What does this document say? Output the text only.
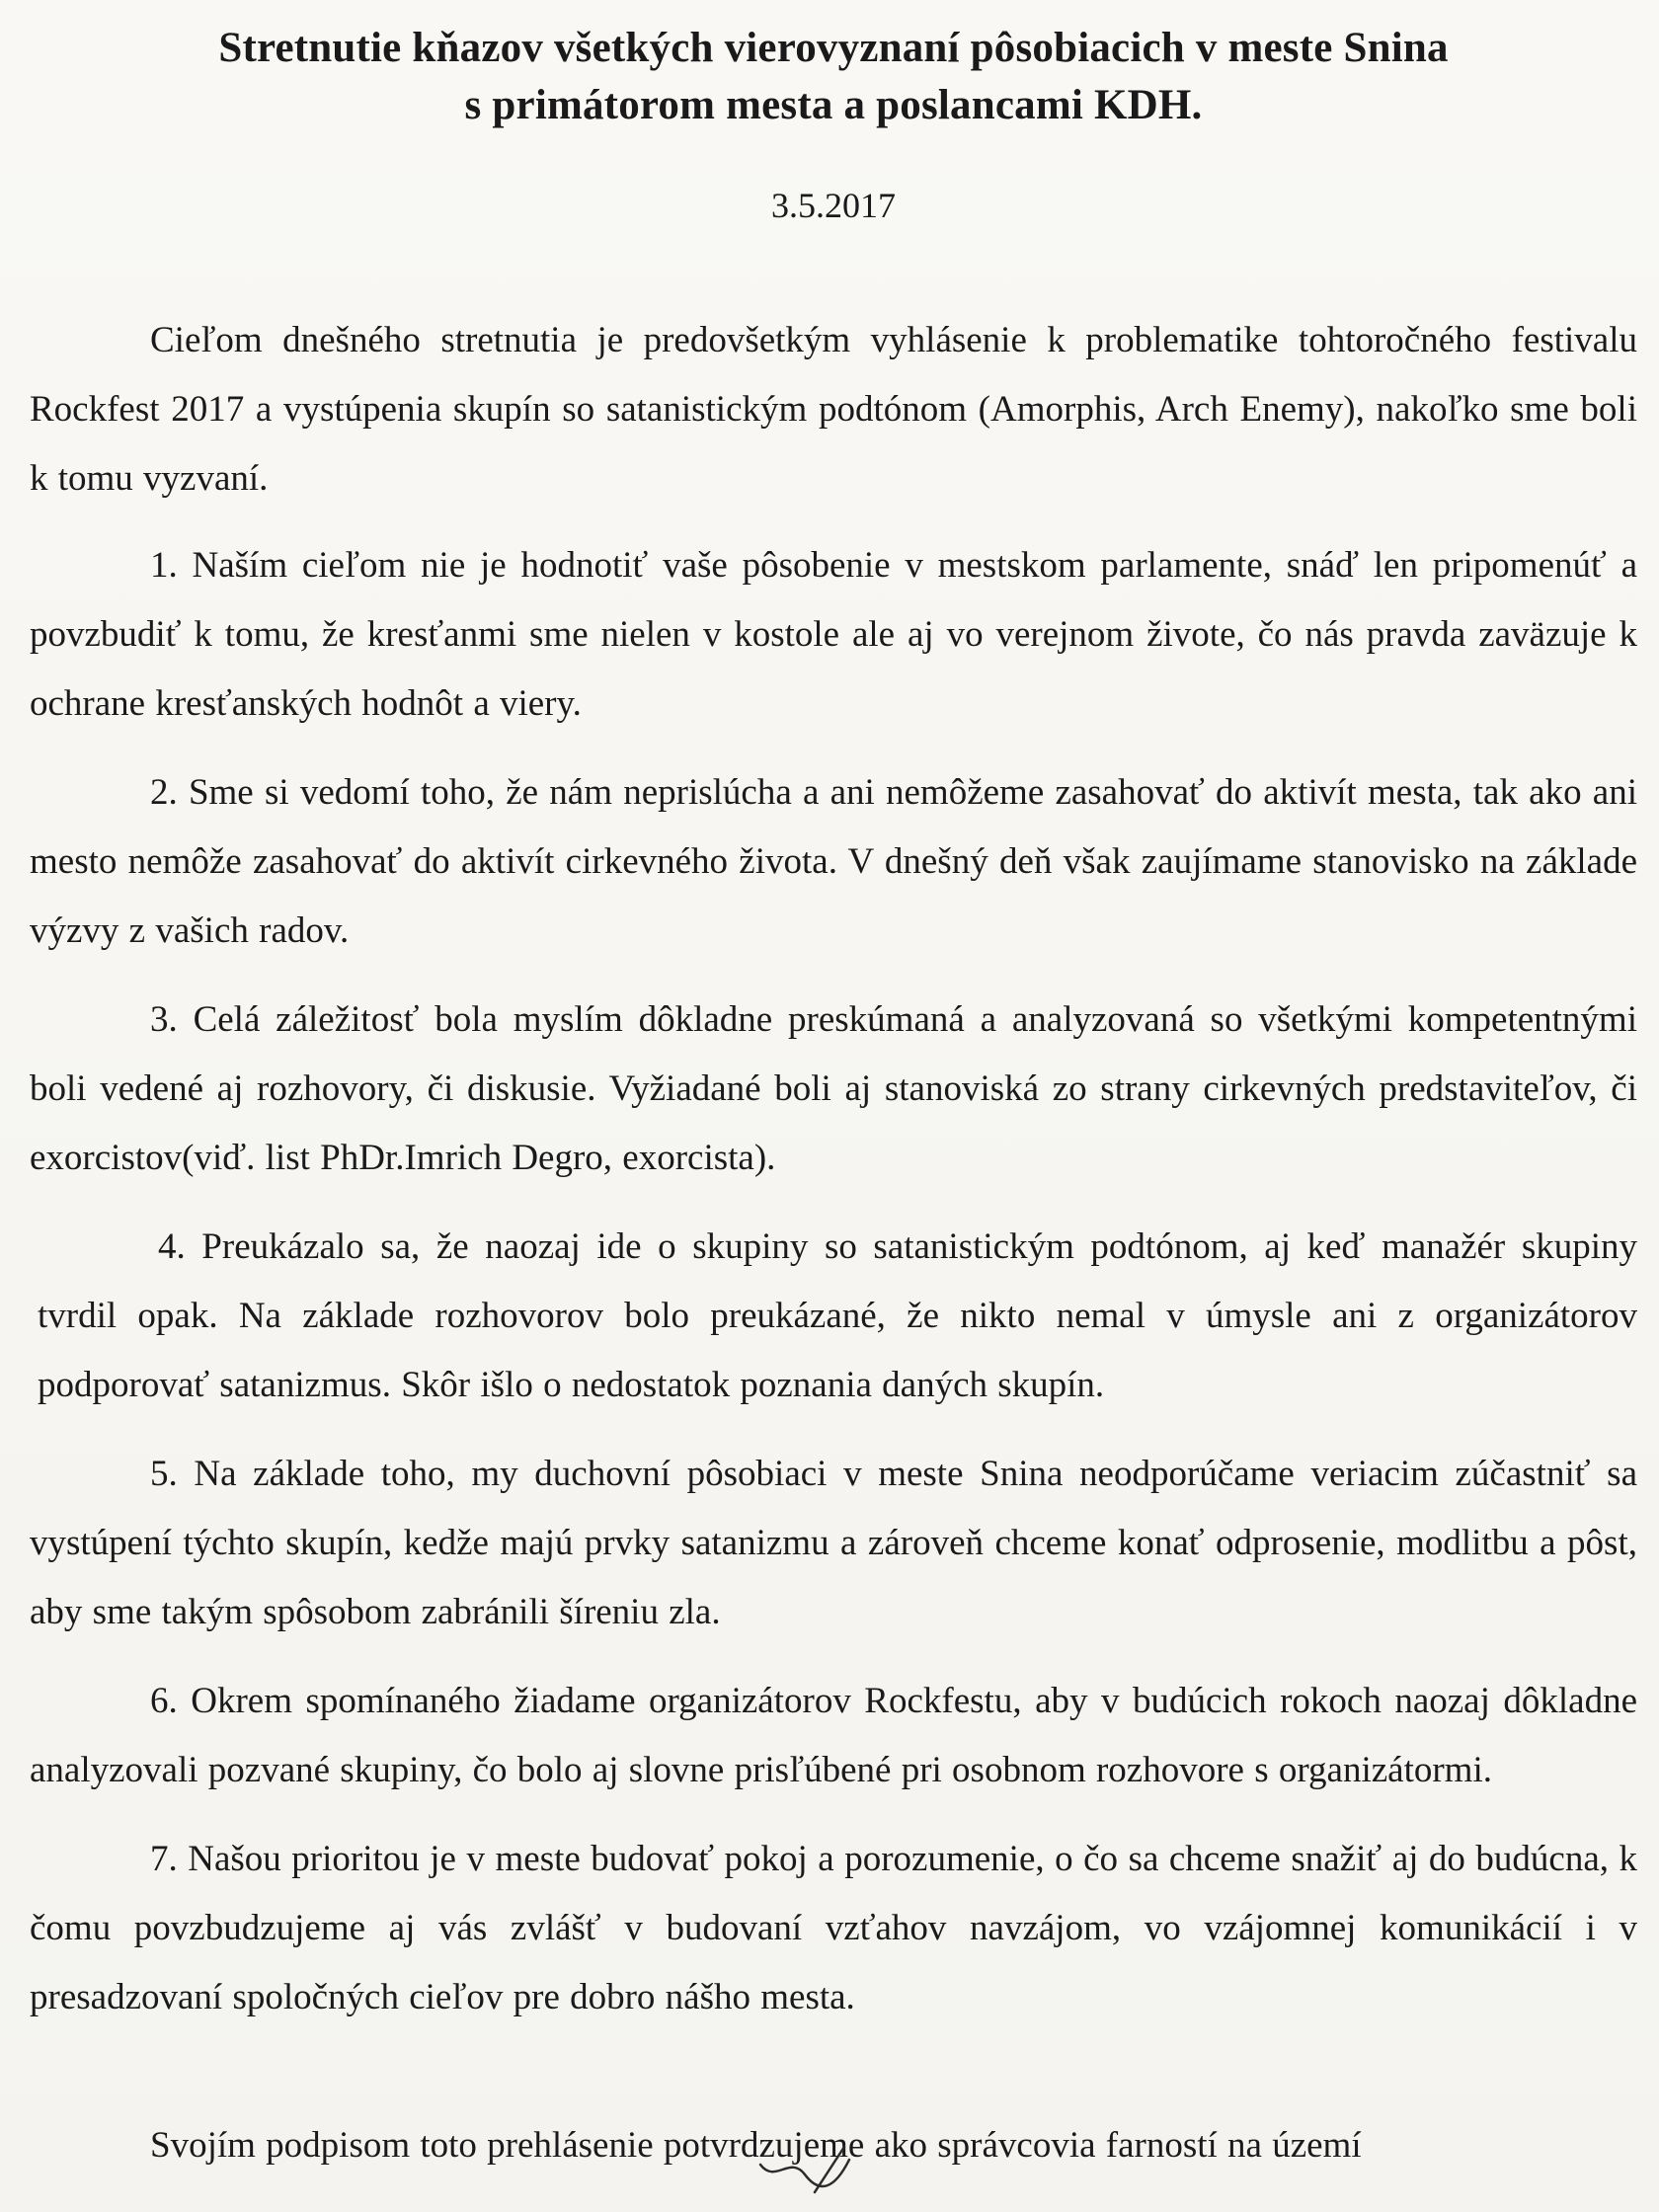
Stretnutie kňazov všetkých vierovyznaní pôsobiacich v meste Snina
s primátorom mesta a poslancami KDH.
3.5.2017

Cieľom dnešného stretnutia je predovšetkým vyhlásenie k problematike tohtoročného festivalu Rockfest 2017 a vystúpenia skupín so satanistickým podtónom (Amorphis, Arch Enemy), nakoľko sme boli k tomu vyzvaní.

1. Naším cieľom nie je hodnotiť vaše pôsobenie v mestskom parlamente, snáď len pripomenúť a povzbudiť k tomu, že kresťanmi sme nielen v kostole ale aj vo verejnom živote, čo nás pravda zaväzuje k ochrane kresťanských hodnôt a viery.

2. Sme si vedomí toho, že nám neprislúcha a ani nemôžeme zasahovať do aktivít mesta, tak ako ani mesto nemôže zasahovať do aktivít cirkevného života. V dnešný deň však zaujímame stanovisko na základe výzvy z vašich radov.

3. Celá záležitosť bola myslím dôkladne preskúmaná a analyzovaná so všetkými kompetentnými boli vedené aj rozhovory, či diskusie. Vyžiadané boli aj stanoviská zo strany cirkevných predstaviteľov, či exorcistov(viď. list PhDr.Imrich Degro, exorcista).

4. Preukázalo sa, že naozaj ide o skupiny so satanistickým podtónom, aj keď manažér skupiny tvrdil opak. Na základe rozhovorov bolo preukázané, že nikto nemal v úmysle ani z organizátorov podporovať satanizmus. Skôr išlo o nedostatok poznania daných skupín.

5. Na základe toho, my duchovní pôsobiaci v meste Snina neodporúčame veriacim zúčastniť sa vystúpení týchto skupín, kedže majú prvky satanizmu a zároveň chceme konať odprosenie, modlitbu a pôst, aby sme takým spôsobom zabránili šíreniu zla.

6. Okrem spomínaného žiadame organizátorov Rockfestu, aby v budúcich rokoch naozaj dôkladne analyzovali pozvané skupiny, čo bolo aj slovne prisľúbené pri osobnom rozhovore s organizátormi.

7. Našou prioritou je v meste budovať pokoj a porozumenie, o čo sa chceme snažiť aj do budúcna, k čomu povzbudzujeme aj vás zvlášť v budovaní vzťahov navzájom, vo vzájomnej komunikácií i v presadzovaní spoločných cieľov pre dobro nášho mesta.

Svojím podpisom toto prehlásenie potvrdzujeme ako správcovia farností na území
